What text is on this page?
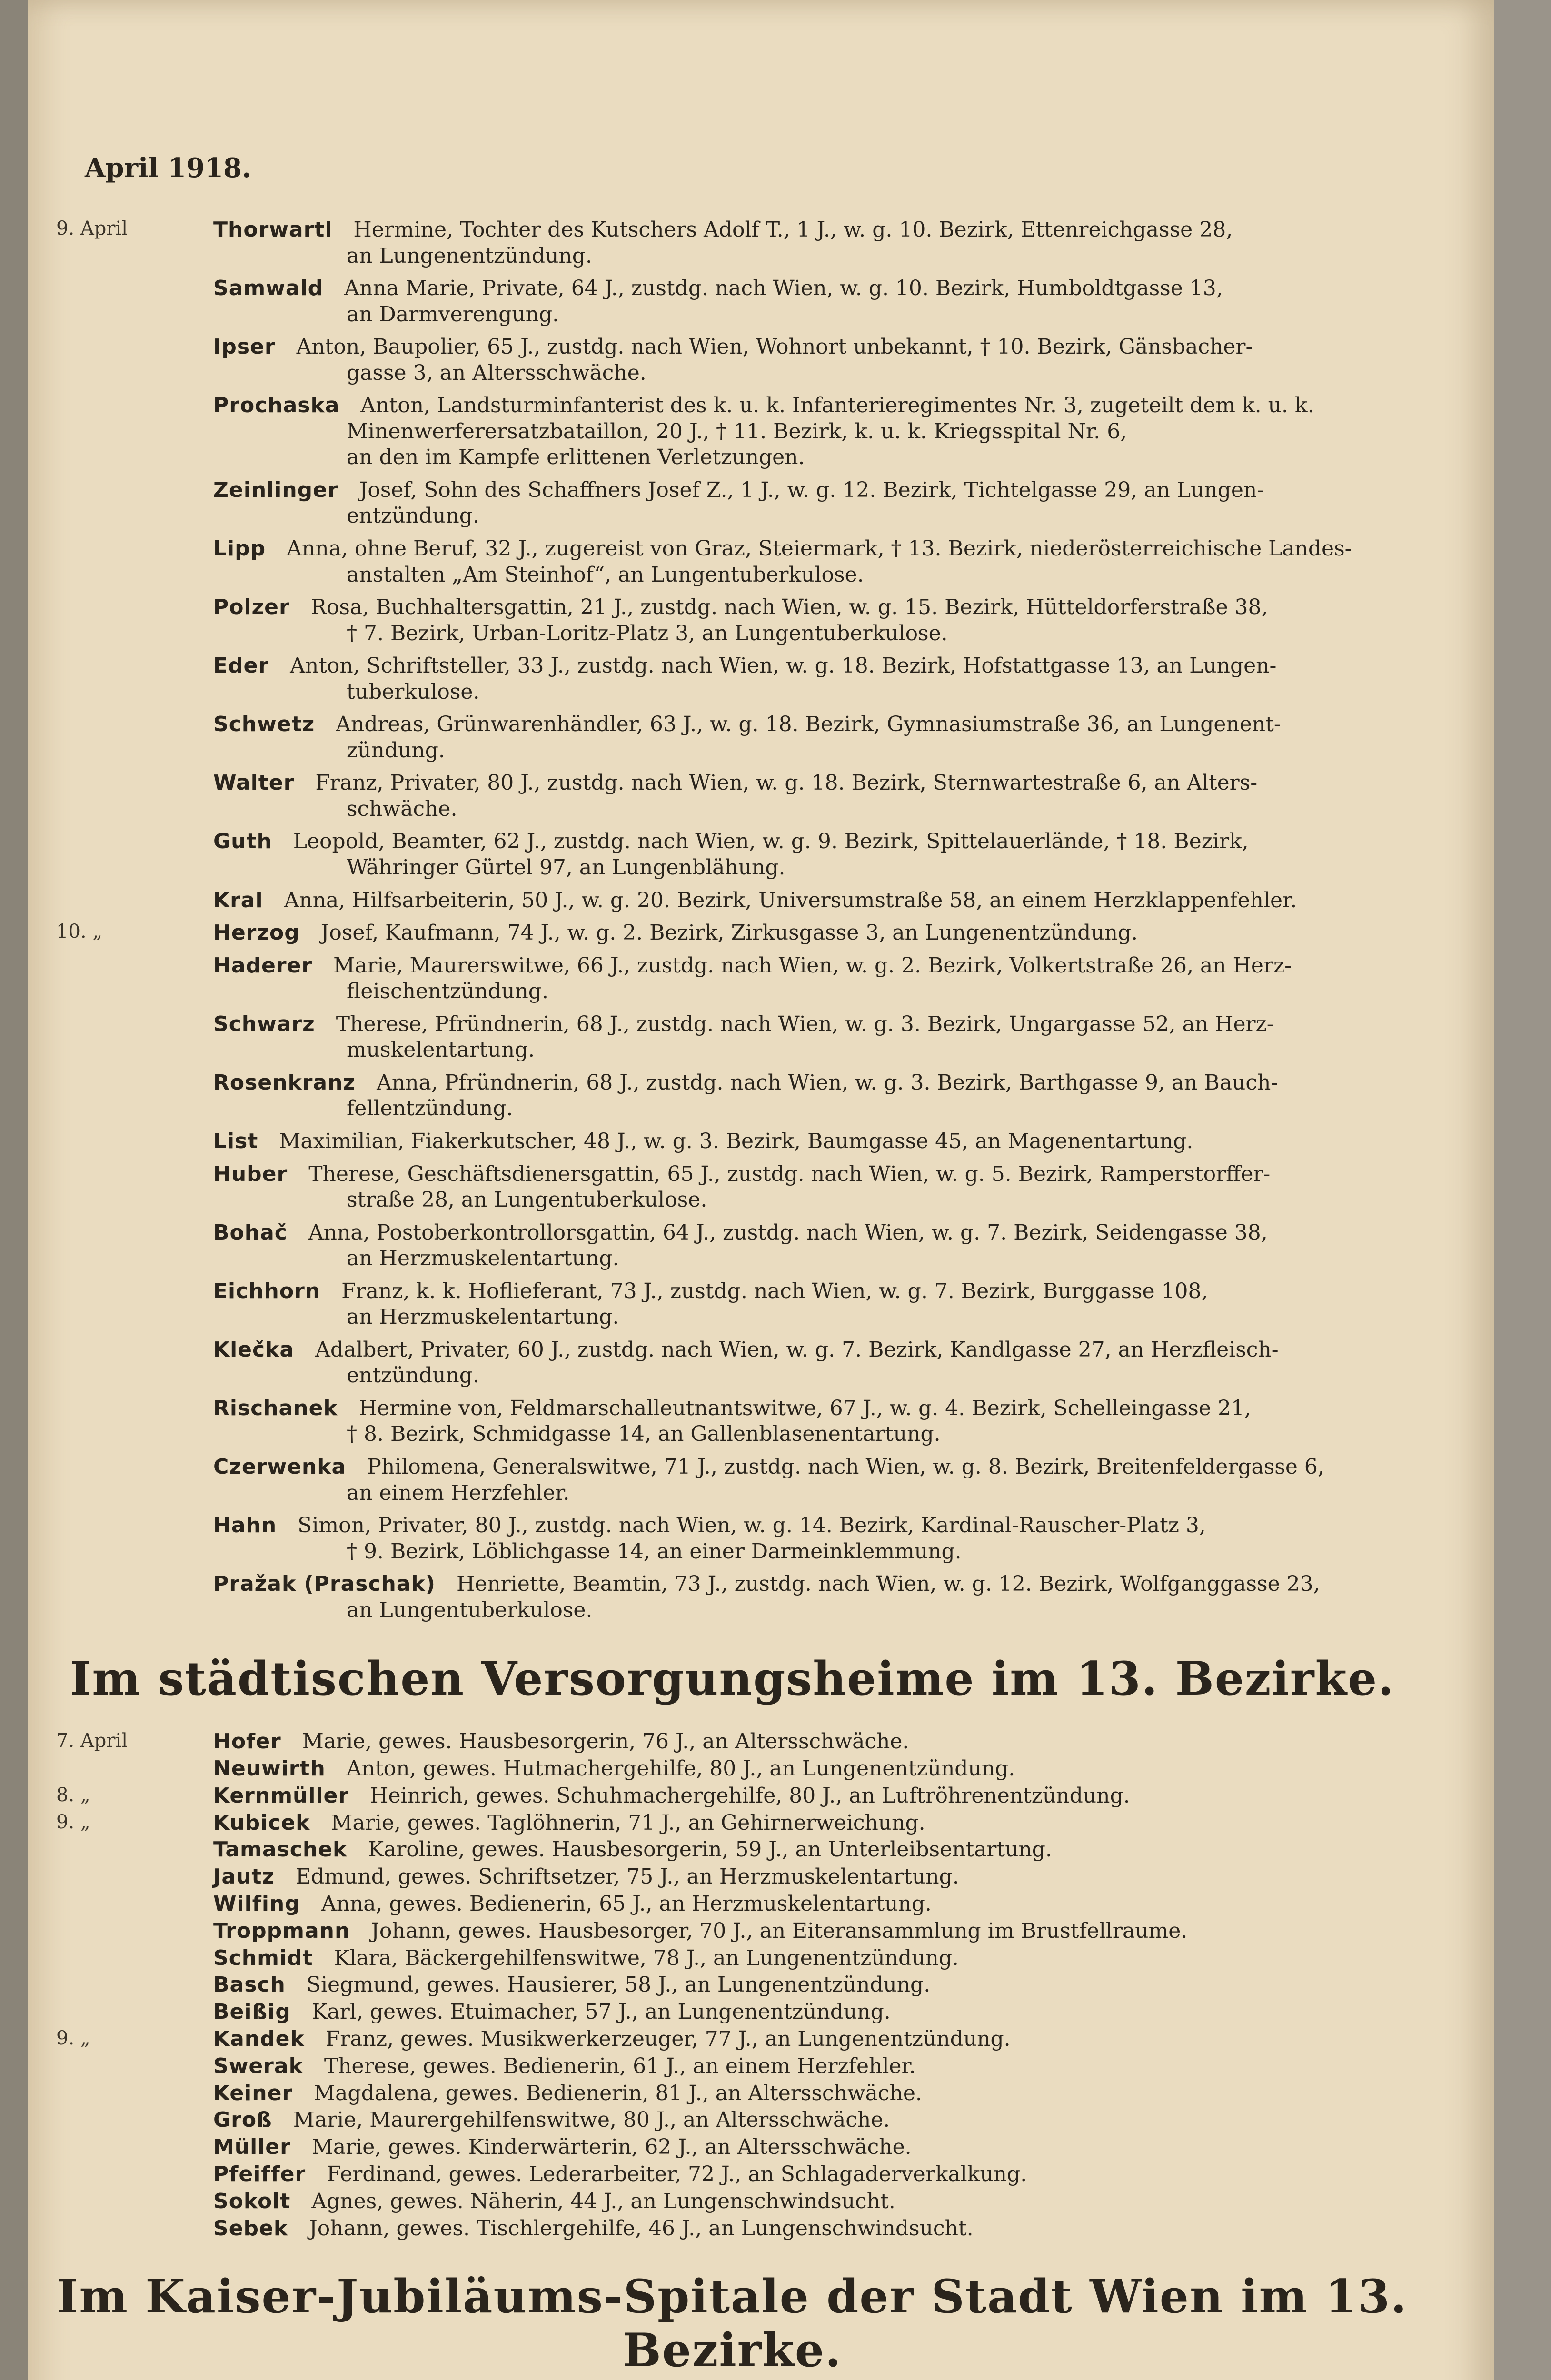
April 1918.
9. April	Thorwartl  Hermine, Tochter des Kutschers Adolf T., 1 J., w. g. 10. Bezirk, Ettenreichgasse 28,
an Lungenentzündung.
Samwald  Anna Marie, Private, 64 J., zustdg. nach Wien, w. g. 10. Bezirk, Humboldtgasse 13,
an Darmverengung.
Ipser  Anton, Baupolier, 65 J., zustdg. nach Wien, Wohnort unbekannt, † 10. Bezirk, Gänsbacher-
gasse 3, an Altersschwäche.
Prochaska  Anton, Landsturminfanterist des k. u. k. Infanterieregimentes Nr. 3, zugeteilt dem k. u. k.
Minenwerferersatzbataillon, 20 J., † 11. Bezirk, k. u. k. Kriegsspital Nr. 6,
an den im Kampfe erlittenen Verletzungen.
Zeinlinger  Josef, Sohn des Schaffners Josef Z., 1 J., w. g. 12. Bezirk, Tichtelgasse 29, an Lungen-
entzündung.
Lipp  Anna, ohne Beruf, 32 J., zugereist von Graz, Steiermark, † 13. Bezirk, niederösterreichische Landes-
anstalten „Am Steinhof“, an Lungentuberkulose.
Polzer  Rosa, Buchhaltersgattin, 21 J., zustdg. nach Wien, w. g. 15. Bezirk, Hütteldorferstraße 38,
† 7. Bezirk, Urban-Loritz-Platz 3, an Lungentuberkulose.
Eder  Anton, Schriftsteller, 33 J., zustdg. nach Wien, w. g. 18. Bezirk, Hofstattgasse 13, an Lungen-
tuberkulose.
Schwetz  Andreas, Grünwarenhändler, 63 J., w. g. 18. Bezirk, Gymnasiumstraße 36, an Lungenent-
zündung.
Walter  Franz, Privater, 80 J., zustdg. nach Wien, w. g. 18. Bezirk, Sternwartestraße 6, an Alters-
schwäche.
Guth  Leopold, Beamter, 62 J., zustdg. nach Wien, w. g. 9. Bezirk, Spittelauerlände, † 18. Bezirk,
Währinger Gürtel 97, an Lungenblähung.
Kral  Anna, Hilfsarbeiterin, 50 J., w. g. 20. Bezirk, Universumstraße 58, an einem Herzklappenfehler.
10. „	Herzog  Josef, Kaufmann, 74 J., w. g. 2. Bezirk, Zirkusgasse 3, an Lungenentzündung.
Haderer  Marie, Maurerswitwe, 66 J., zustdg. nach Wien, w. g. 2. Bezirk, Volkertstraße 26, an Herz-
fleischentzündung.
Schwarz  Therese, Pfründnerin, 68 J., zustdg. nach Wien, w. g. 3. Bezirk, Ungargasse 52, an Herz-
muskelentartung.
Rosenkranz  Anna, Pfründnerin, 68 J., zustdg. nach Wien, w. g. 3. Bezirk, Barthgasse 9, an Bauch-
fellentzündung.
List  Maximilian, Fiakerkutscher, 48 J., w. g. 3. Bezirk, Baumgasse 45, an Magenentartung.
Huber  Therese, Geschäftsdienersgattin, 65 J., zustdg. nach Wien, w. g. 5. Bezirk, Ramperstorffer-
straße 28, an Lungentuberkulose.
Bohač  Anna, Postoberkontrollorsgattin, 64 J., zustdg. nach Wien, w. g. 7. Bezirk, Seidengasse 38,
an Herzmuskelentartung.
Eichhorn  Franz, k. k. Hoflieferant, 73 J., zustdg. nach Wien, w. g. 7. Bezirk, Burggasse 108,
an Herzmuskelentartung.
Klečka  Adalbert, Privater, 60 J., zustdg. nach Wien, w. g. 7. Bezirk, Kandlgasse 27, an Herzfleisch-
entzündung.
Rischanek  Hermine von, Feldmarschalleutnantswitwe, 67 J., w. g. 4. Bezirk, Schelleingasse 21,
† 8. Bezirk, Schmidgasse 14, an Gallenblasenentartung.
Czerwenka  Philomena, Generalswitwe, 71 J., zustdg. nach Wien, w. g. 8. Bezirk, Breitenfeldergasse 6,
an einem Herzfehler.
Hahn  Simon, Privater, 80 J., zustdg. nach Wien, w. g. 14. Bezirk, Kardinal-Rauscher-Platz 3,
† 9. Bezirk, Löblichgasse 14, an einer Darmeinklemmung.
Pražak (Praschak)  Henriette, Beamtin, 73 J., zustdg. nach Wien, w. g. 12. Bezirk, Wolfganggasse 23,
an Lungentuberkulose.
Im städtischen Versorgungsheime im 13. Bezirke.
7. April	Hofer  Marie, gewes. Hausbesorgerin, 76 J., an Altersschwäche.
Neuwirth  Anton, gewes. Hutmachergehilfe, 80 J., an Lungenentzündung.
8. „	Kernmüller  Heinrich, gewes. Schuhmachergehilfe, 80 J., an Luftröhrenentzündung.
9. „	Kubicek  Marie, gewes. Taglöhnerin, 71 J., an Gehirnerweichung.
Tamaschek  Karoline, gewes. Hausbesorgerin, 59 J., an Unterleibsentartung.
Jautz  Edmund, gewes. Schriftsetzer, 75 J., an Herzmuskelentartung.
Wilfing  Anna, gewes. Bedienerin, 65 J., an Herzmuskelentartung.
Troppmann  Johann, gewes. Hausbesorger, 70 J., an Eiteransammlung im Brustfellraume.
Schmidt  Klara, Bäckergehilfenswitwe, 78 J., an Lungenentzündung.
Basch  Siegmund, gewes. Hausierer, 58 J., an Lungenentzündung.
Beißig  Karl, gewes. Etuimacher, 57 J., an Lungenentzündung.
9. „	Kandek  Franz, gewes. Musikwerkerzeuger, 77 J., an Lungenentzündung.
Swerak  Therese, gewes. Bedienerin, 61 J., an einem Herzfehler.
Keiner  Magdalena, gewes. Bedienerin, 81 J., an Altersschwäche.
Groß  Marie, Maurergehilfenswitwe, 80 J., an Altersschwäche.
Müller  Marie, gewes. Kinderwärterin, 62 J., an Altersschwäche.
Pfeiffer  Ferdinand, gewes. Lederarbeiter, 72 J., an Schlagaderverkalkung.
Sokolt  Agnes, gewes. Näherin, 44 J., an Lungenschwindsucht.
Sebek  Johann, gewes. Tischlergehilfe, 46 J., an Lungenschwindsucht.
Im Kaiser-Jubiläums-Spitale der Stadt Wien im 13. Bezirke.
